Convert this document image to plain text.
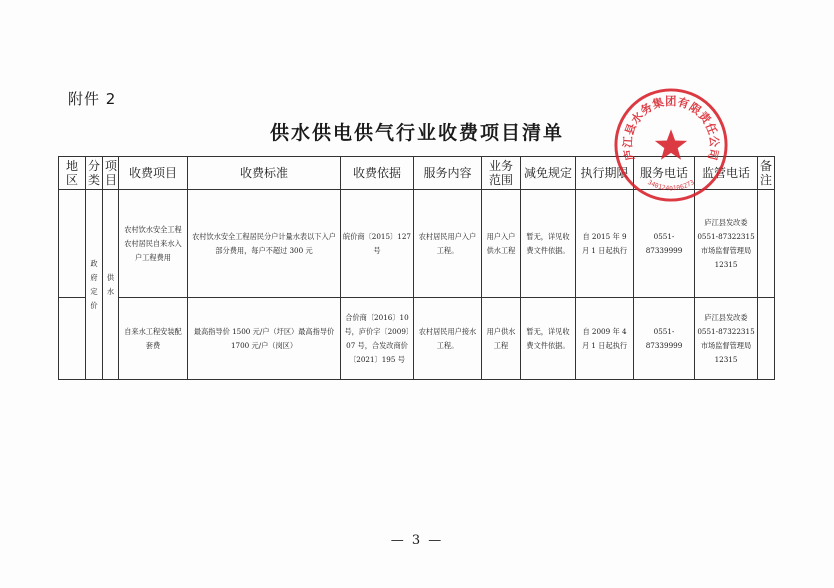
附件 2
供水供电供气行业收费项目清单
地区	分类	项目	收费项目	收费标准	收费依据	服务内容	业务范围	减免规定	执行期限	服务电话	监管电话	备注
	政府定价	供水	农村饮水安全工程农村居民自来水入户工程费用	农村饮水安全工程居民分户计量水表以下入户部分费用，每户不超过 300 元	皖价商〔2015〕127 号	农村居民用户入户工程。	用户入户供水工程	暂无，详见收费文件依据。	自 2015 年 9 月 1 日起执行	0551-87339999	庐江县发改委 0551-87322315 市场监督管理局 12315	
			自来水工程安装配套费	最高指导价 1500 元/户（圩区）最高指导价 1700 元/户（岗区）	合价商〔2016〕10 号，庐价字〔2009〕07 号，合发改商价〔2021〕195 号	农村居民用户接水工程。	用户供水工程	暂无，详见收费文件依据。	自 2009 年 4 月 1 日起执行	0551-87339999	庐江县发改委 0551-87322315 市场监督管理局 12315	
庐江县水务集团有限责任公司
3401240106273
— 3 —
